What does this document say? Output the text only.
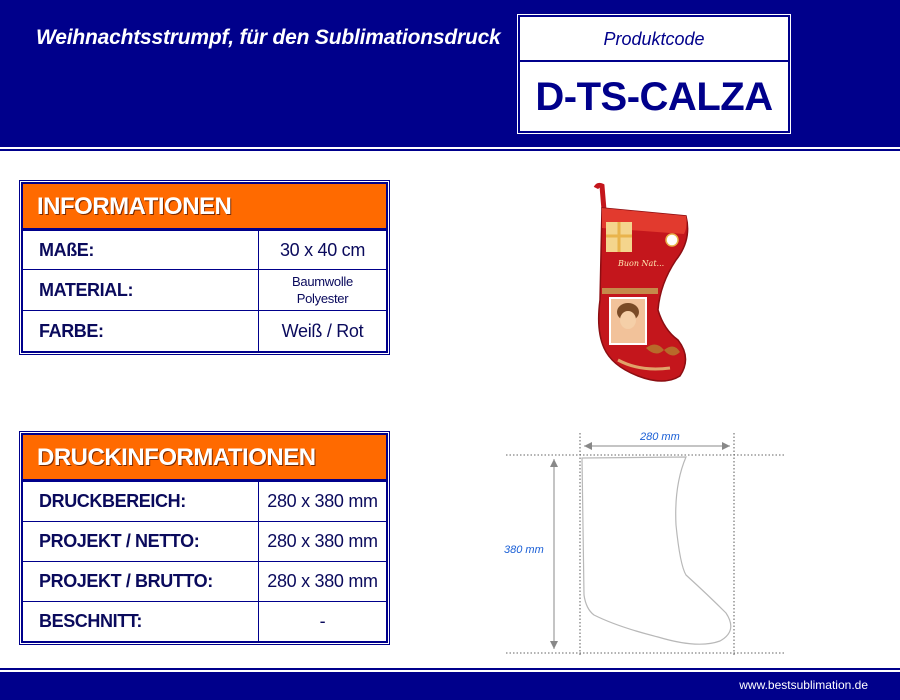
Weihnachtsstrumpf, für den Sublimationsdruck	Produktcode
D-TS-CALZA
INFORMATIONEN
MAßE:	30 x 40 cm
MATERIAL:	Baumwolle
Polyester
FARBE:	Weiß / Rot
DRUCKINFORMATIONEN
DRUCKBEREICH:	280 x 380 mm
PROJEKT / NETTO:	280 x 380 mm
PROJEKT / BRUTTO:	280 x 380 mm
BESCHNITT:	-
Buon Nat...
280 mm
380 mm
www.bestsublimation.de
